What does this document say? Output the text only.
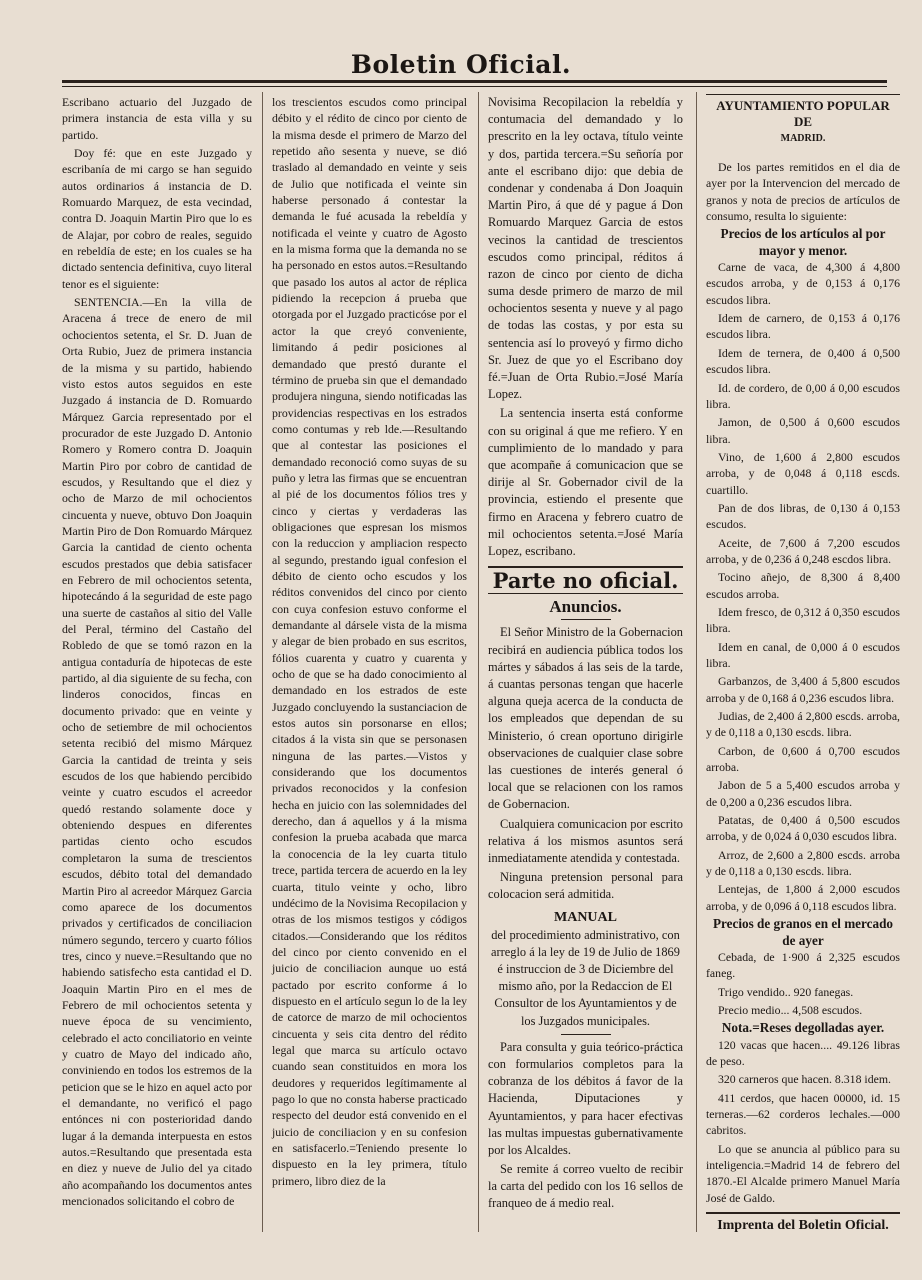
Boletin Oficial.

Escribano actuario del Juzgado de primera instancia de esta villa y su partido.

Doy fé: que en este Juzgado y escribanía de mi cargo se han seguido autos ordinarios á instancia de D. Romuardo Marquez, de esta vecindad, contra D. Joaquin Martin Piro que lo es de Alajar, por cobro de reales, seguido en rebeldía de este; en los cuales se ha dictado sentencia definitiva, cuyo literal tenor es el siguiente:

SENTENCIA.—En la villa de Aracena á trece de enero de mil ochocientos setenta, el Sr. D. Juan de Orta Rubio, Juez de primera instancia de la misma y su partido, habiendo visto estos autos seguidos en este Juzgado á instancia de D. Romuardo Márquez Garcia representado por el procurador de este Juzgado D. Antonio Romero y Romero contra D. Joaquin Martin Piro por cobro de cantidad de escudos, y Resultando que el diez y ocho de Marzo de mil ochocientos cincuenta y nueve, obtuvo Don Joaquin Martin Piro de Don Romuardo Márquez Garcia la cantidad de ciento ochenta escudos prestados que debia satisfacer en Febrero de mil ochocientos setenta, hipotecándo á la seguridad de este pago una suerte de castaños al sitio del Valle del Peral, término del Castaño del Robledo de que se tomó razon en la antigua contaduría de hipotecas de este partido, al dia siguiente de su fecha, con linderos conocidos, fincas en documento privado: que en veinte y ocho de setiembre de mil ochocientos setenta recibió del mismo Márquez Garcia la cantidad de treinta y seis escudos de los que habiendo percibido veinte y cuatro escudos el acreedor quedó restando solamente doce y obteniendo despues en diferentes partidas ciento ocho escudos completaron la suma de trescientos escudos, débito total del demandado Martin Piro al acreedor Márquez Garcia como aparece de los documentos privados y certificados de conciliacion número segundo, tercero y cuarto fólios tres, cinco y nueve.=Resultando que no habiendo satisfecho esta cantidad el D. Joaquin Martin Piro en el mes de Febrero de mil ochocientos setenta y nueve época de su vencimiento, celebrado el acto conciliatorio en veinte y cuatro de Mayo del indicado año, conviniendo en todos los estremos de la peticion que se le hizo en aquel acto por el demandante, no verificó el pago entónces ni con posterioridad dando lugar á la demanda interpuesta en estos autos.=Resultando que presentada esta en diez y nueve de Julio del ya citado año acompañando los documentos antes mencionados solicitando el cobro de

los trescientos escudos como principal débito y el rédito de cinco por ciento de la misma desde el primero de Marzo del repetido año sesenta y nueve, se dió traslado al demandado en veinte y seis de Julio que notificada el veinte sin haberse personado á contestar la demanda le fué acusada la rebeldía y notificada el veinte y cuatro de Agosto en la misma forma que la demanda no se ha personado en estos autos.=Resultando que pasado los autos al actor de réplica pidiendo la recepcion á prueba que otorgada por el Juzgado practicóse por el actor la que creyó conveniente, limitando á pedir posiciones al demandado que prestó durante el término de prueba sin que el demandado produjera ninguna, siendo notificadas las providencias respectivas en los estrados como contumas y reb lde.—Resultando que al contestar las posiciones el demandado reconoció como suyas de su puño y letra las firmas que se encuentran al pié de los documentos fólios tres y cinco y ciertas y verdaderas las obligaciones que espresan los mismos con la reduccion y ampliacion respecto al segundo, prestando igual confesion el débito de ciento ocho escudos y los réditos convenidos del cinco por ciento con cuya confesion estuvo conforme el demandante al dársele vista de la misma y alegar de bien probado en sus escritos, fólios cuarenta y cuatro y cuarenta y ocho de que se ha dado conocimiento al demandado en los estrados de este Juzgado concluyendo la sustanciacion de estos autos sin porsonarse en ellos; citados á la vista sin que se personasen ninguna de las partes.—Vistos y considerando que los documentos privados reconocidos y la confesion hecha en juicio con las solemnidades del derecho, dan á aquellos y á la misma confesion la prueba acabada que marca la conocencia de la ley cuarta titulo trece, partida tercera de acuerdo en la ley cuarta, titulo veinte y ocho, libro undécimo de la Novisima Recopilacion y otras de los mismos testigos y códigos citados.—Considerando que los réditos del cinco por ciento convenido en el juicio de conciliacion aunque uo está pactado por escrito conforme á lo dispuesto en el artículo segun lo de la ley de catorce de marzo de mil ochocientos cincuenta y seis cita dentro del rédito legal que marca su artículo octavo cuando sean constituidos en mora los deudores y requeridos legítimamente al pago lo que no consta haberse practicado respecto del deudor está convenido en el juicio de conciliacion y en su confesion en satisfacerlo.=Teniendo presente lo dispuesto en la ley primera, título primero, libro diez de la

Novisima Recopilacion la rebeldía y contumacia del demandado y lo prescrito en la ley octava, título veinte y dos, partida tercera.=Su señoría por ante el escribano dijo: que debia de condenar y condenaba á Don Joaquin Martin Piro, á que dé y pague á Don Romuardo Marquez Garcia de estos vecinos la cantidad de trescientos escudos como principal, réditos á razon de cinco por ciento de dicha suma desde primero de marzo de mil ochocientos sesenta y nueve y al pago de todas las costas, y por esta su sentencia así lo proveyó y firmo dicho Sr. Juez de que yo el Escribano doy fé.=Juan de Orta Rubio.=José María Lopez.

La sentencia inserta está conforme con su original á que me refiero. Y en cumplimiento de lo mandado y para que acompañe á comunicacion que se dirije al Sr. Gobernador civil de la provincia, estiendo el presente que firmo en Aracena y febrero cuatro de mil ochocientos setenta.=José María Lopez, escribano.

Parte no oficial.
Anuncios.

El Señor Ministro de la Gobernacion recibirá en audiencia pública todos los mártes y sábados á las seis de la tarde, á cuantas personas tengan que hacerle alguna queja acerca de la conducta de los empleados que dependan de su Ministerio, ó crean oportuno dirigirle observaciones de cualquier clase sobre las cuestiones de interés general ó local que se relacionen con los ramos de Gobernacion.

Cualquiera comunicacion por escrito relativa á los mismos asuntos será inmediatamente atendida y contestada.

Ninguna pretension personal para colocacion será admitida.

MANUAL

del procedimiento administrativo, con arreglo á la ley de 19 de Julio de 1869 é instruccion de 3 de Diciembre del mismo año, por la Redaccion de El Consultor de los Ayuntamientos y de los Juzgados municipales.

Para consulta y guia teórico-práctica con formularios completos para la cobranza de los débitos á favor de la Hacienda, Diputaciones y Ayuntamientos, y para hacer efectivas las multas impuestas gubernativamente por los Alcaldes.

Se remite á correo vuelto de recibir la carta del pedido con los 16 sellos de franqueo de á medio real.

AYUNTAMIENTO POPULAR DE
MADRID.

De los partes remitidos en el dia de ayer por la Intervencion del mercado de granos y nota de precios de artículos de consumo, resulta lo siguiente:

Precios de los artículos al por mayor y menor.

Carne de vaca, de 4,300 á 4,800 escudos arroba, y de 0,153 á 0,176 escudos libra.

Idem de carnero, de 0,153 á 0,176 escudos libra.

Idem de ternera, de 0,400 á 0,500 escudos libra.

Id. de cordero, de 0,00 á 0,00 escudos libra.

Jamon, de 0,500 á 0,600 escudos libra.

Vino, de 1,600 á 2,800 escudos arroba, y de 0,048 á 0,118 escds. cuartillo.

Pan de dos libras, de 0,130 á 0,153 escudos.

Aceite, de 7,600 á 7,200 escudos arroba, y de 0,236 á 0,248 escdos libra.

Tocino añejo, de 8,300 á 8,400 escudos arroba.

Idem fresco, de 0,312 á 0,350 escudos libra.

Idem en canal, de 0,000 á 0 escudos libra.

Garbanzos, de 3,400 á 5,800 escudos arroba y de 0,168 á 0,236 escudos libra.

Judias, de 2,400 á 2,800 escds. arroba, y de 0,118 a 0,130 escds. libra.

Carbon, de 0,600 á 0,700 escudos arroba.

Jabon de 5 a 5,400 escudos arroba y de 0,200 a 0,236 escudos libra.

Patatas, de 0,400 á 0,500 escudos arroba, y de 0,024 á 0,030 escudos libra.

Arroz, de 2,600 a 2,800 escds. arroba y de 0,118 a 0,130 escds. libra.

Lentejas, de 1,800 á 2,000 escudos arroba, y de 0,096 á 0,118 escudos libra.

Precios de granos en el mercado de ayer

Cebada, de 1·900 á 2,325 escudos faneg.

Trigo vendido.. 920 fanegas.

Precio medio... 4,508 escudos.

Nota.=Reses degolladas ayer.

120 vacas que hacen.... 49.126 libras de peso.

320 carneros que hacen. 8.318 idem.

411 cerdos, que hacen 00000, id. 15 terneras.—62 corderos lechales.—000 cabritos.

Lo que se anuncia al público para su inteligencia.=Madrid 14 de febrero del 1870.-El Alcalde primero Manuel María José de Galdo.

Imprenta del Boletin Oficial.
